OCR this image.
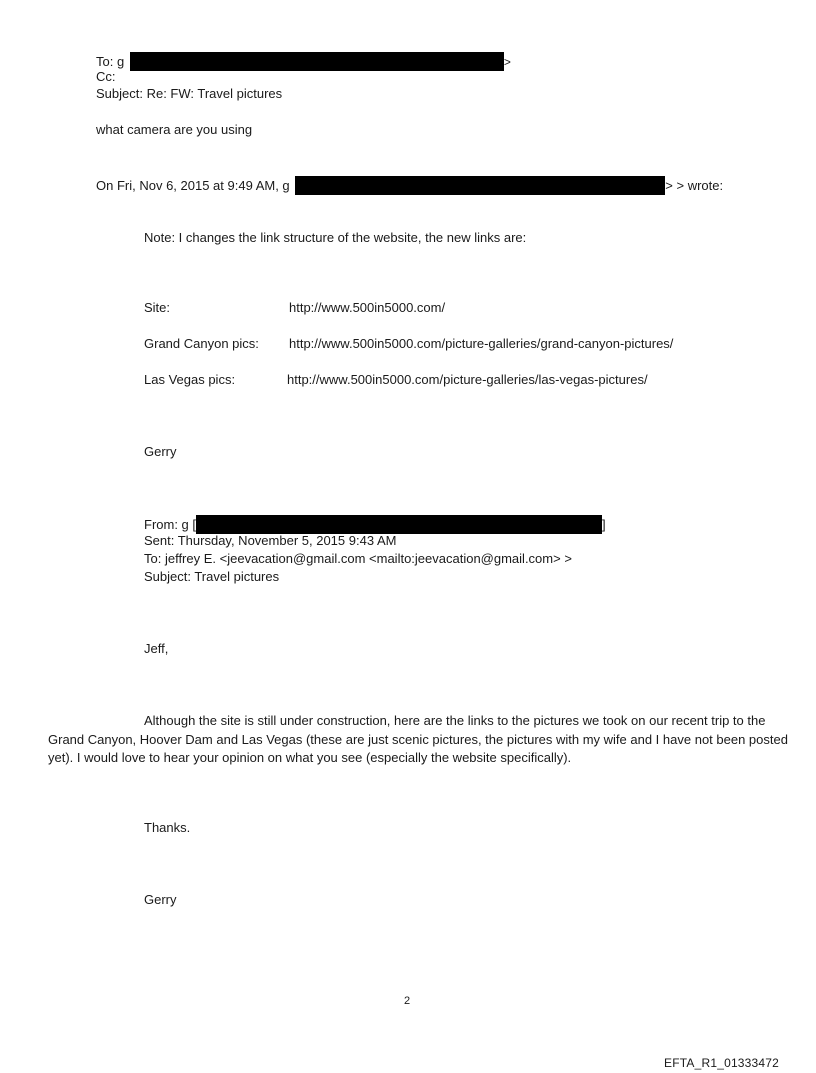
To: g	>
Cc:
Subject: Re: FW: Travel pictures
what camera are you using
On Fri, Nov 6, 2015 at 9:49 AM, g	> > wrote:
Note: I changes the link structure of the website, the new links are:
Site:	http://www.500in5000.com/
Grand Canyon pics: http://www.500in5000.com/picture-galleries/grand-canyon-pictures/
Las Vegas pics:	http://www.500in5000.com/picture-galleries/las-vegas-pictures/
Gerry
From: g [	]
Sent: Thursday, November 5, 2015 9:43 AM
To: jeffrey E. <jeevacation@gmail.com <mailto:jeevacation@gmail.com> >
Subject: Travel pictures
Jeff,
Although the site is still under construction, here are the links to the pictures we took on our recent trip to the Grand Canyon, Hoover Dam and Las Vegas (these are just scenic pictures, the pictures with my wife and I have not been posted yet). I would love to hear your opinion on what you see (especially the website specifically).
Thanks.
Gerry
2
EFTA_R1_01333472
